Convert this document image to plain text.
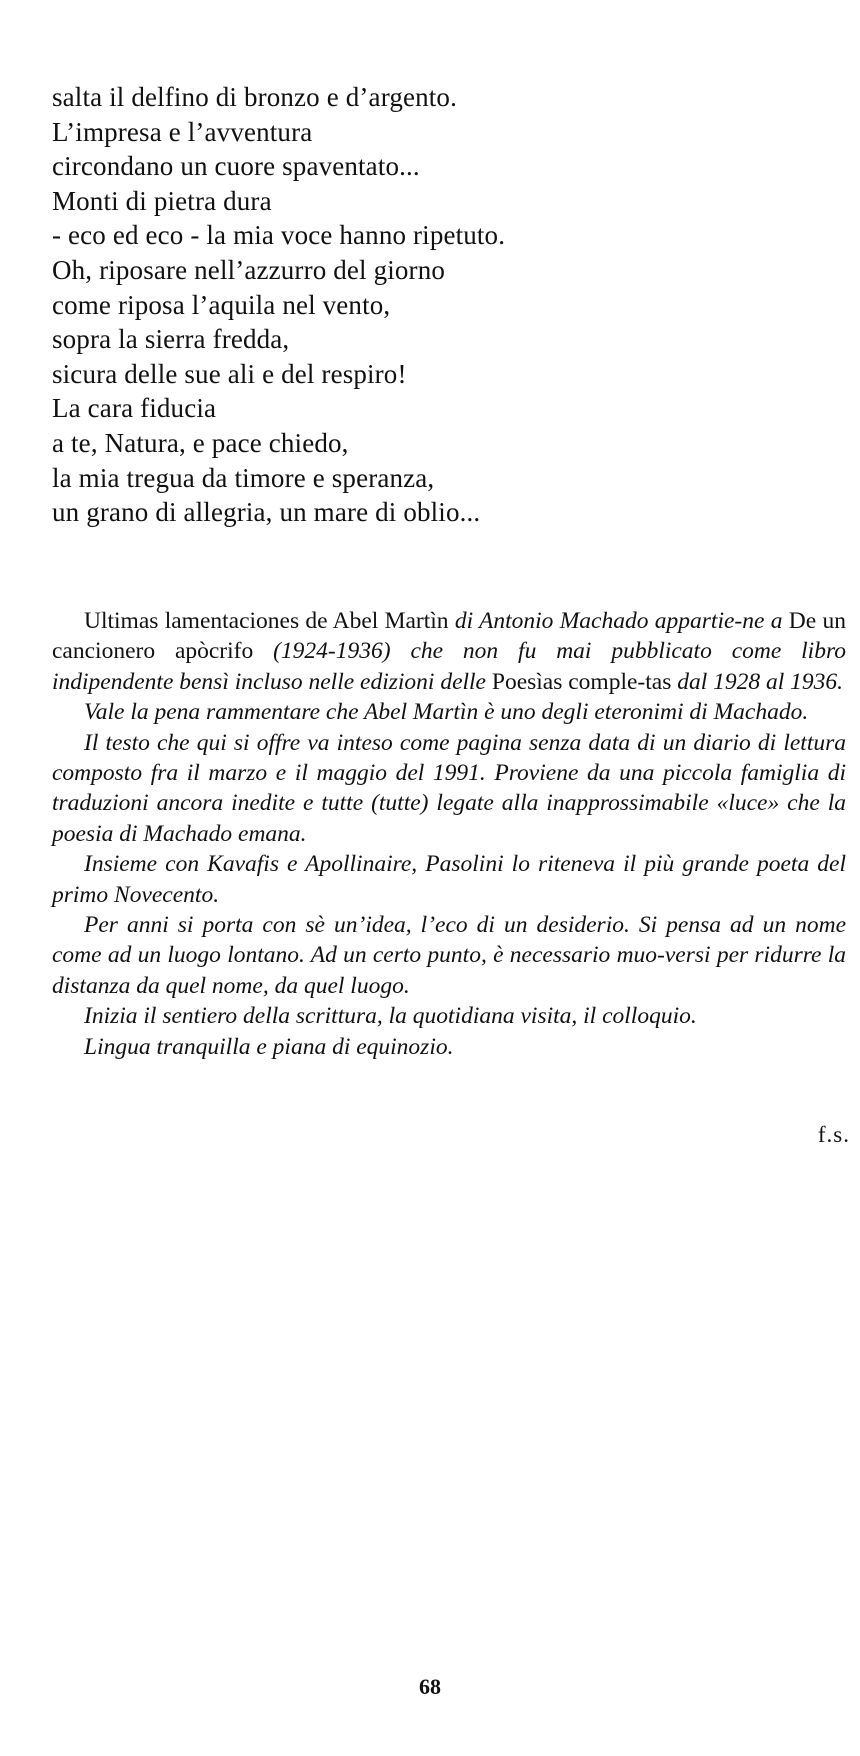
salta il delfino di bronzo e d’argento.
L’impresa e l’avventura
circondano un cuore spaventato...
Monti di pietra dura
- eco ed eco - la mia voce hanno ripetuto.
Oh, riposare nell’azzurro del giorno
come riposa l’aquila nel vento,
sopra la sierra fredda,
sicura delle sue ali e del respiro!
La cara fiducia
a te, Natura, e pace chiedo,
la mia tregua da timore e speranza,
un grano di allegria, un mare di oblio...

Ultimas lamentaciones de Abel Martìn di Antonio Machado appartie-ne a De un cancionero apòcrifo (1924-1936) che non fu mai pubblicato come libro indipendente bensì incluso nelle edizioni delle Poesìas comple-tas dal 1928 al 1936.

Vale la pena rammentare che Abel Martìn è uno degli eteronimi di Machado.

Il testo che qui si offre va inteso come pagina senza data di un diario di lettura composto fra il marzo e il maggio del 1991. Proviene da una piccola famiglia di traduzioni ancora inedite e tutte (tutte) legate alla inapprossimabile «luce» che la poesia di Machado emana.

Insieme con Kavafis e Apollinaire, Pasolini lo riteneva il più grande poeta del primo Novecento.

Per anni si porta con sè un’idea, l’eco di un desiderio. Si pensa ad un nome come ad un luogo lontano. Ad un certo punto, è necessario muo-versi per ridurre la distanza da quel nome, da quel luogo.

Inizia il sentiero della scrittura, la quotidiana visita, il colloquio.

Lingua tranquilla e piana di equinozio.

f.s.
68
